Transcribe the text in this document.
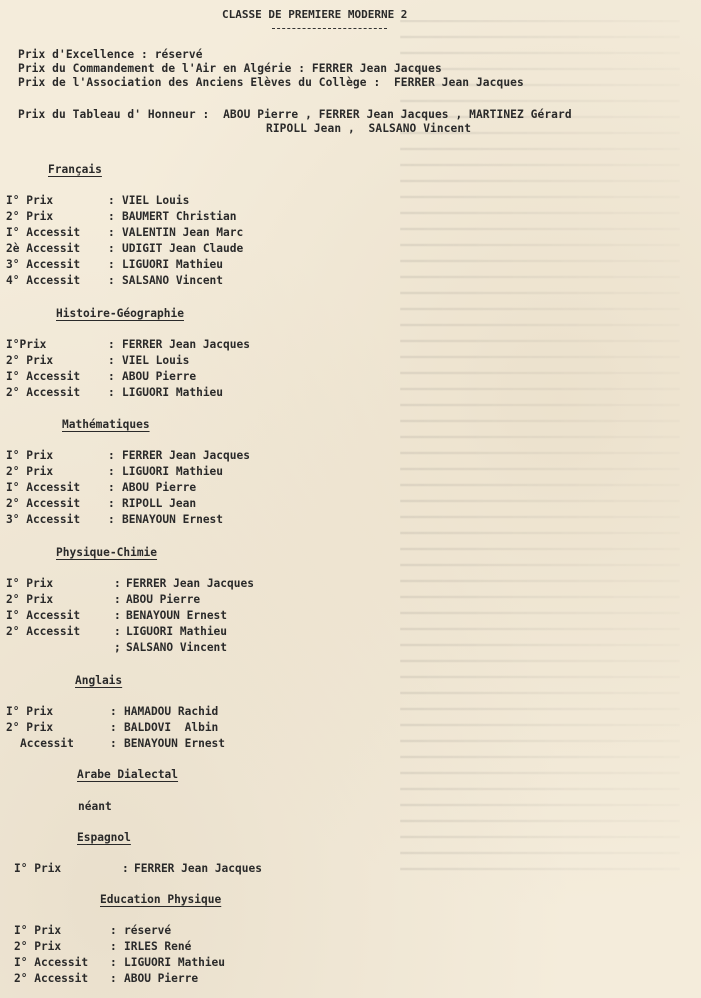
CLASSE DE PREMIERE MODERNE 2
Prix d'Excellence : réservé
Prix du Commandement de l'Air en Algérie : FERRER Jean Jacques
Prix de l'Association des Anciens Elèves du Collège :  FERRER Jean Jacques
Prix du Tableau d' Honneur :  ABOU Pierre , FERRER Jean Jacques , MARTINEZ Gérard
RIPOLL Jean ,  SALSANO Vincent
Français
I° Prix	: VIEL Louis
2° Prix	: BAUMERT Christian
I° Accessit : VALENTIN Jean Marc
2è Accessit : UDIGIT Jean Claude
3° Accessit : LIGUORI Mathieu
4° Accessit : SALSANO Vincent
Histoire-Géographie
I°Prix	: FERRER Jean Jacques
2° Prix	: VIEL Louis
I° Accessit : ABOU Pierre
2° Accessit : LIGUORI Mathieu
Mathématiques
I° Prix	: FERRER Jean Jacques
2° Prix	: LIGUORI Mathieu
I° Accessit : ABOU Pierre
2° Accessit : RIPOLL Jean
3° Accessit : BENAYOUN Ernest
Physique-Chimie
I° Prix	: FERRER Jean Jacques
2° Prix	: ABOU Pierre
I° Accessit	: BENAYOUN Ernest
2° Accessit	: LIGUORI Mathieu
; SALSANO Vincent
Anglais
I° Prix	: HAMADOU Rachid
2° Prix	: BALDOVI  Albin
Accessit	: BENAYOUN Ernest
Arabe Dialectal
néant
Espagnol
I° Prix	: FERRER Jean Jacques
Education Physique
I° Prix	: réservé
2° Prix	: IRLES René
I° Accessit : LIGUORI Mathieu
2° Accessit : ABOU Pierre
